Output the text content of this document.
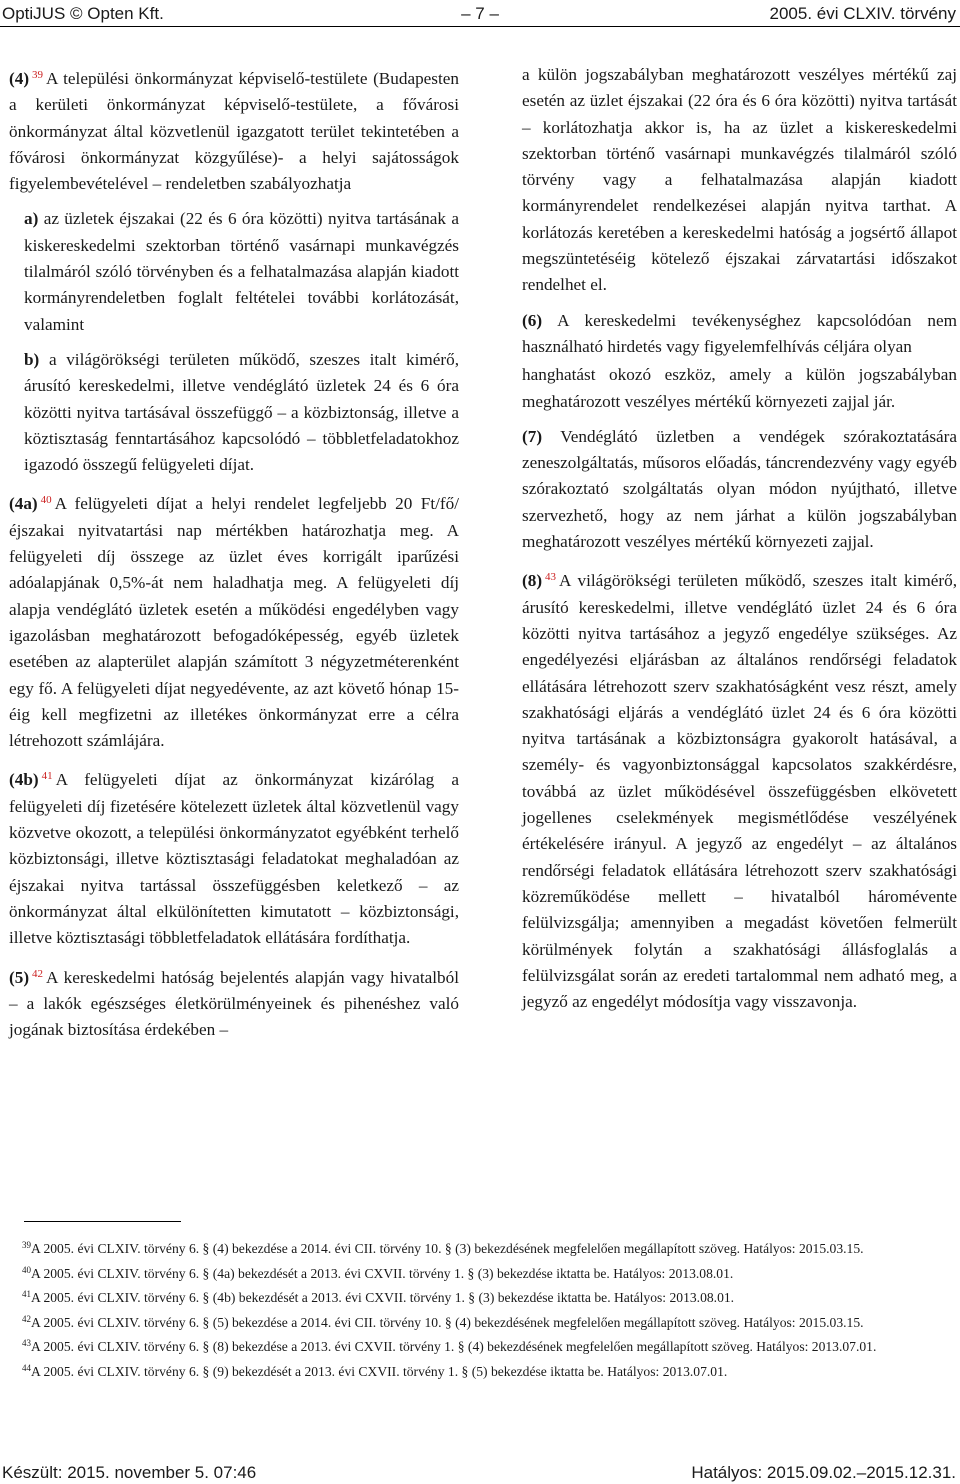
OptiJUS © Opten Kft.	– 7 –	2005. évi CLXIV. törvény

(4) $^{39}$ A települési önkormányzat képviselő-testülete (Budapesten a kerületi önkormányzat képviselő-testülete, a fővárosi önkormányzat által közvetlenül igazgatott terület tekintetében a fővárosi önkormányzat közgyűlése)- a helyi sajátosságok figyelembevételével – rendeletben szabályozhatja

a) az üzletek éjszakai (22 és 6 óra közötti) nyitva tartásának a kiskereskedelmi szektorban történő vasárnapi munkavégzés tilalmáról szóló törvényben és a felhatalmazása alapján kiadott kormányrendeletben foglalt feltételei további korlátozását, valamint

b) a világörökségi területen működő, szeszes italt kimérő, árusító kereskedelmi, illetve vendéglátó üzletek 24 és 6 óra közötti nyitva tartásával összefüggő – a közbiztonság, illetve a köztisztaság fenntartásához kapcsolódó – többletfeladatokhoz igazodó összegű felügyeleti díjat.

(4a) $^{40}$ A felügyeleti díjat a helyi rendelet legfeljebb 20 Ft/fő/éjszakai nyitvatartási nap mértékben határozhatja meg. A felügyeleti díj összege az üzlet éves korrigált iparűzési adóalapjának 0,5%-át nem haladhatja meg. A felügyeleti díj alapja vendéglátó üzletek esetén a működési engedélyben vagy igazolásban meghatározott befogadóképesség, egyéb üzletek esetében az alapterület alapján számított 3 négyzetméterenként egy fő. A felügyeleti díjat negyedévente, az azt követő hónap 15-éig kell megfizetni az illetékes önkormányzat erre a célra létrehozott számlájára.

(4b) $^{41}$ A felügyeleti díjat az önkormányzat kizárólag a felügyeleti díj fizetésére kötelezett üzletek által közvetlenül vagy közvetve okozott, a települési önkormányzatot egyébként terhelő közbiztonsági, illetve köztisztasági feladatokat meghaladóan az éjszakai nyitva tartással összefüggésben keletkező – az önkormányzat által elkülönítetten kimutatott – közbiztonsági, illetve köztisztasági többletfeladatok ellátására fordíthatja.

(5) $^{42}$ A kereskedelmi hatóság bejelentés alapján vagy hivatalból – a lakók egészséges életkörülményeinek és pihenéshez való jogának biztosítása érdekében –

a külön jogszabályban meghatározott veszélyes mértékű zaj esetén az üzlet éjszakai (22 óra és 6 óra közötti) nyitva tartását – korlátozhatja akkor is, ha az üzlet a kiskereskedelmi szektorban történő vasárnapi munkavégzés tilalmáról szóló törvény vagy a felhatalmazása alapján kiadott kormányrendelet rendelkezései alapján nyitva tarthat. A korlátozás keretében a kereskedelmi hatóság a jogsértő állapot megszüntetéséig kötelező éjszakai zárvatartási időszakot rendelhet el.

(6) A kereskedelmi tevékenységhez kapcsolódóan nem használható hirdetés vagy figyelemfelhívás céljára olyan

hanghatást okozó eszköz, amely a külön jogszabályban meghatározott veszélyes mértékű környezeti zajjal jár.

(7) Vendéglátó üzletben a vendégek szórakoztatására zeneszolgáltatás, műsoros előadás, táncrendezvény vagy egyéb szórakoztató szolgáltatás olyan módon nyújtható, illetve szervezhető, hogy az nem járhat a külön jogszabályban meghatározott veszélyes mértékű környezeti zajjal.

(8) $^{43}$ A világörökségi területen működő, szeszes italt kimérő, árusító kereskedelmi, illetve vendéglátó üzlet 24 és 6 óra közötti nyitva tartásához a jegyző engedélye szükséges. Az engedélyezési eljárásban az általános rendőrségi feladatok ellátására létrehozott szerv szakhatóságként vesz részt, amely szakhatósági eljárás a vendéglátó üzlet 24 és 6 óra közötti nyitva tartásának a közbiztonságra gyakorolt hatásával, a személy- és vagyonbiztonsággal kapcsolatos szakkérdésre, továbbá az üzlet működésével összefüggésben elkövetett jogellenes cselekmények megismétlődése veszélyének értékelésére irányul. A jegyző az engedélyt – az általános rendőrségi feladatok ellátására létrehozott szerv szakhatósági közreműködése mellett – hivatalból háromévente felülvizsgálja; amennyiben a megadást követően felmerült körülmények folytán a szakhatósági állásfoglalás a felülvizsgálat során az eredeti tartalommal nem adható meg, a jegyző az engedélyt módosítja vagy visszavonja.

$^{39}$A 2005. évi CLXIV. törvény 6. § (4) bekezdése a 2014. évi CII. törvény 10. § (3) bekezdésének megfelelően megállapított szöveg. Hatályos: 2015.03.15.

$^{40}$A 2005. évi CLXIV. törvény 6. § (4a) bekezdését a 2013. évi CXVII. törvény 1. § (3) bekezdése iktatta be. Hatályos: 2013.08.01.

$^{41}$A 2005. évi CLXIV. törvény 6. § (4b) bekezdését a 2013. évi CXVII. törvény 1. § (3) bekezdése iktatta be. Hatályos: 2013.08.01.

$^{42}$A 2005. évi CLXIV. törvény 6. § (5) bekezdése a 2014. évi CII. törvény 10. § (4) bekezdésének megfelelően megállapított szöveg. Hatályos: 2015.03.15.

$^{43}$A 2005. évi CLXIV. törvény 6. § (8) bekezdése a 2013. évi CXVII. törvény 1. § (4) bekezdésének megfelelően megállapított szöveg. Hatályos: 2013.07.01.

$^{44}$A 2005. évi CLXIV. törvény 6. § (9) bekezdését a 2013. évi CXVII. törvény 1. § (5) bekezdése iktatta be. Hatályos: 2013.07.01.

Készült: 2015. november 5. 07:46	Hatályos: 2015.09.02.–2015.12.31.
